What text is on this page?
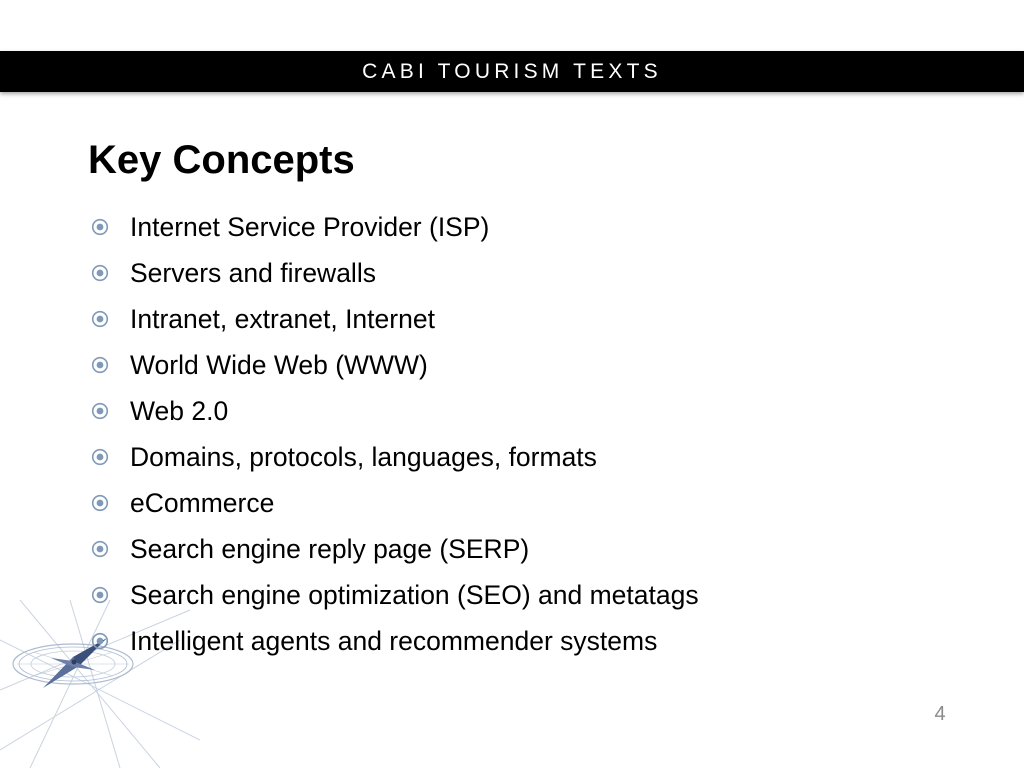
CABI TOURISM TEXTS
Key Concepts
Internet Service Provider (ISP)
Servers and firewalls
Intranet, extranet, Internet
World Wide Web (WWW)
Web 2.0
Domains, protocols, languages, formats
eCommerce
Search engine reply page (SERP)
Search engine optimization (SEO) and metatags
Intelligent agents and recommender systems
4
